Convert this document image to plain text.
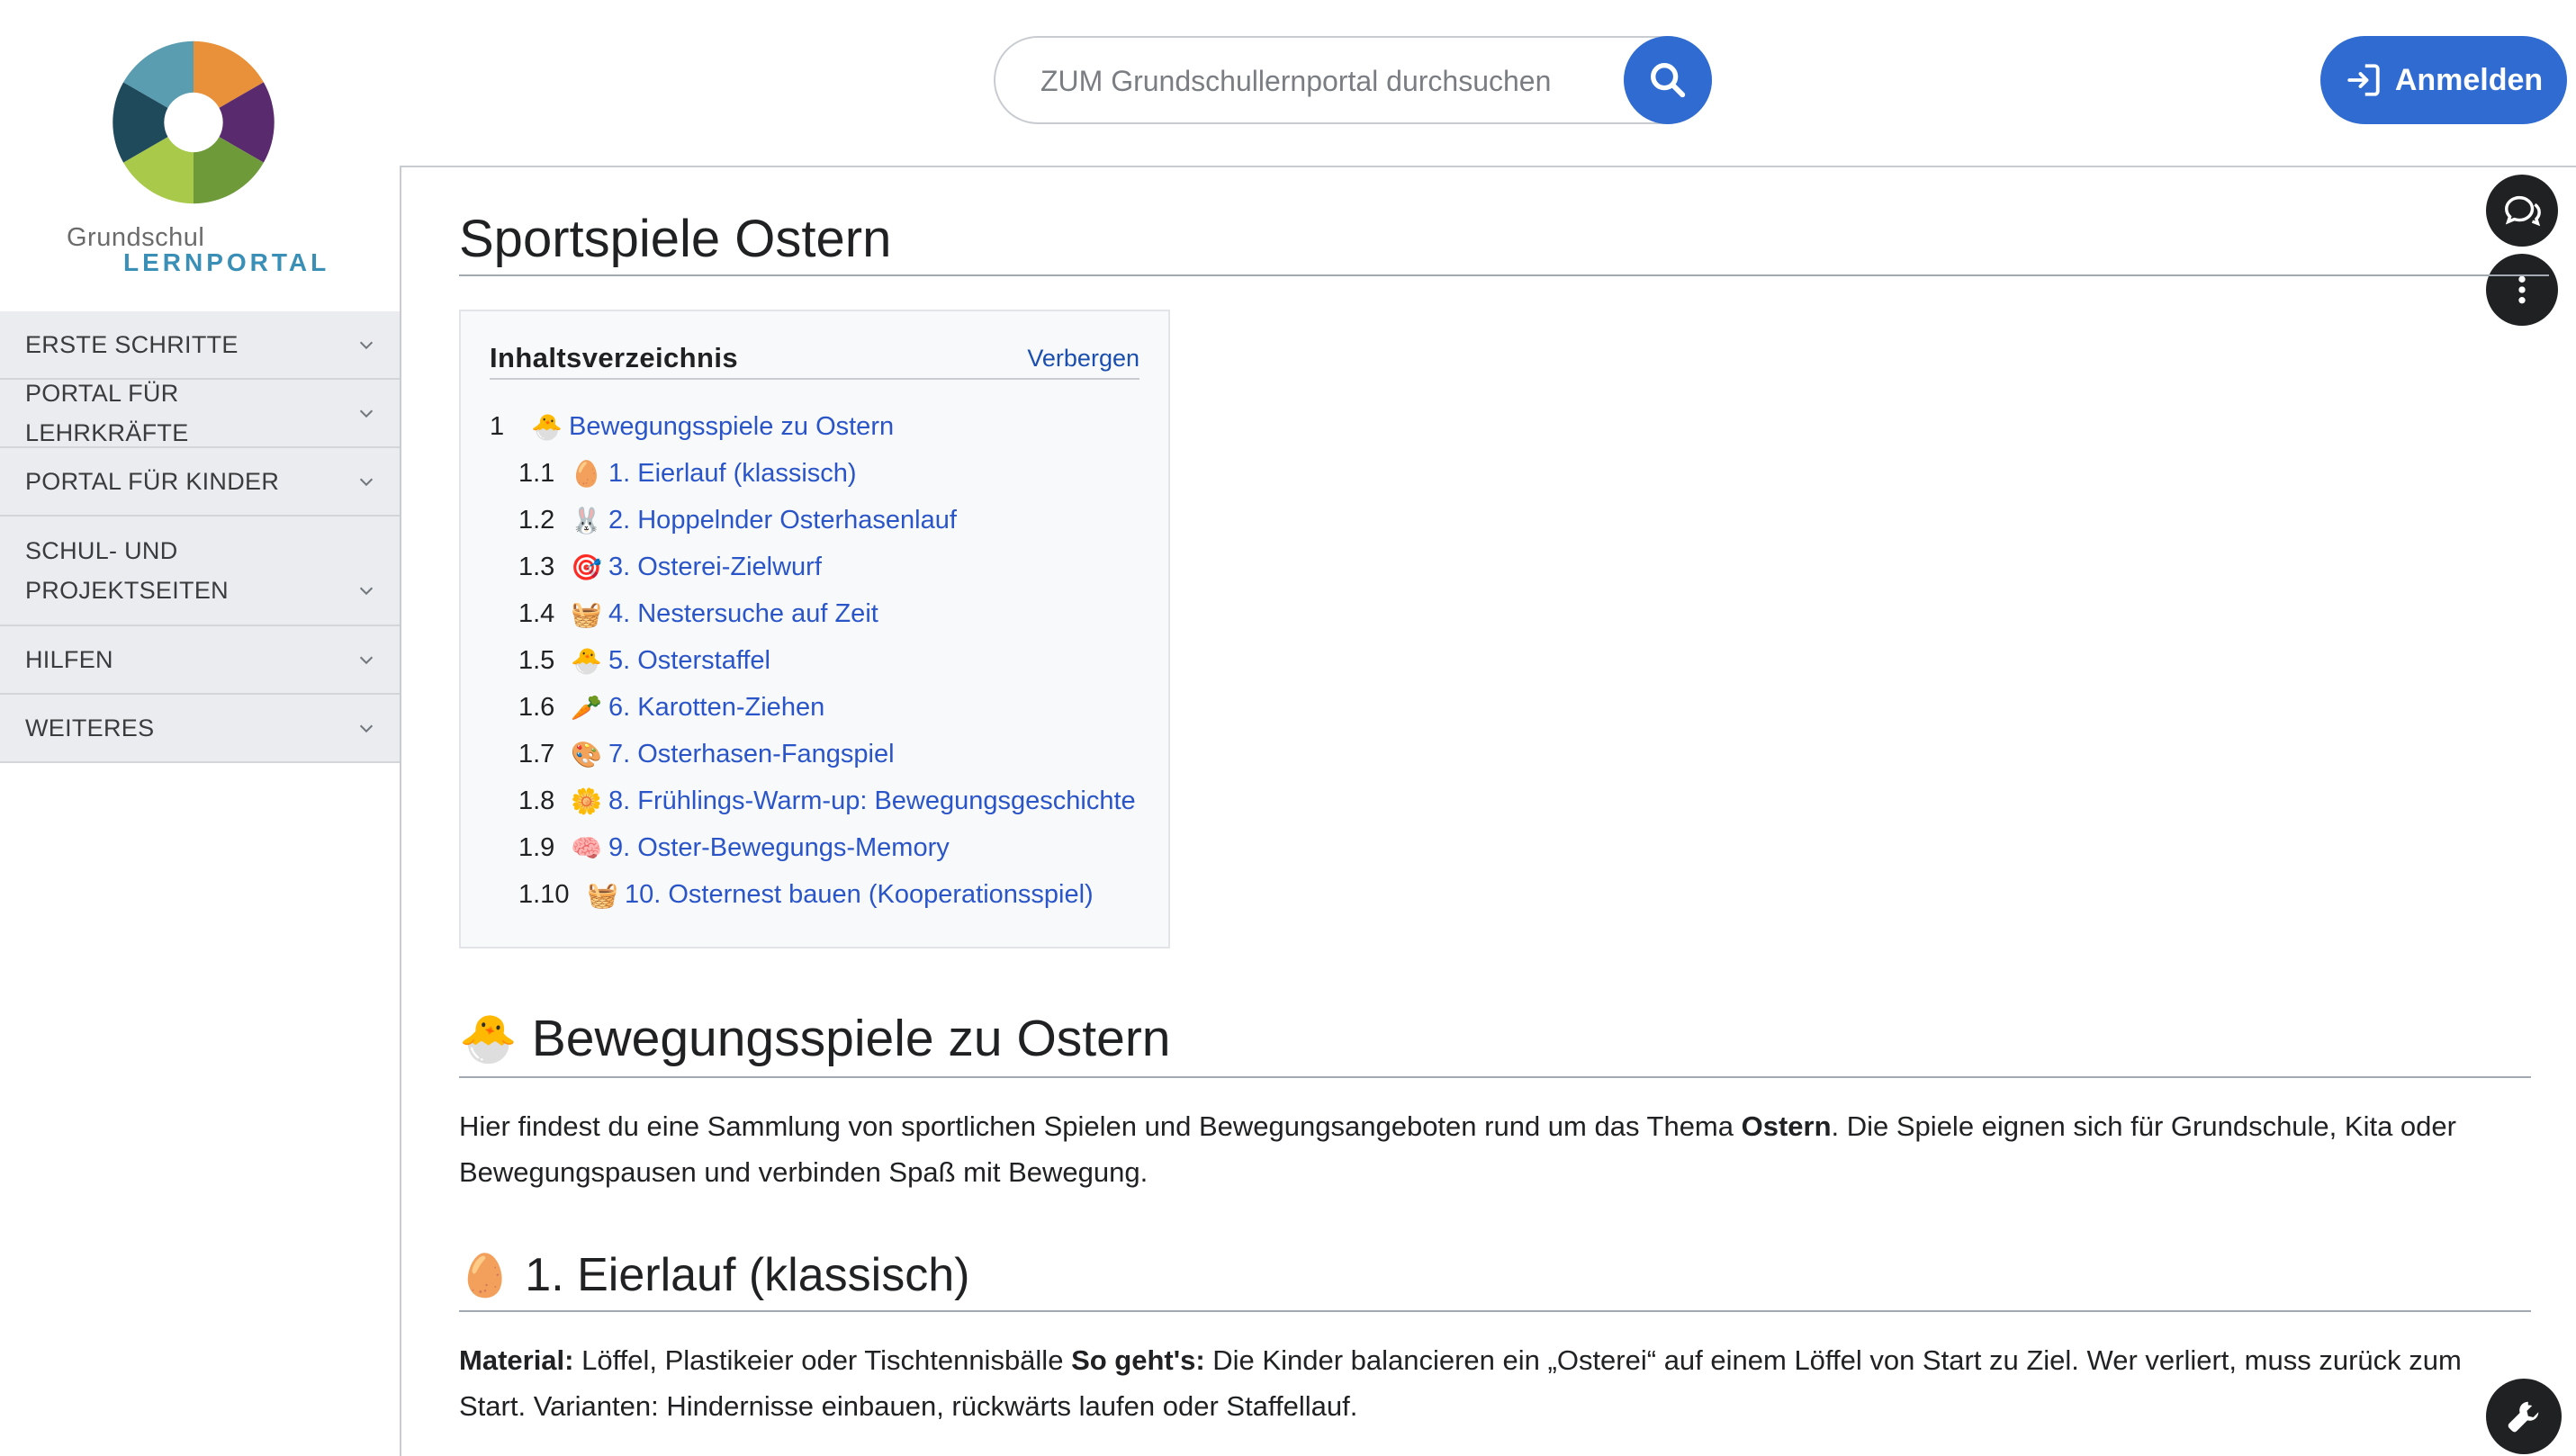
Grundschul
LERNPORTAL
ERSTE SCHRITTE
PORTAL FÜR LEHRKRÄFTE
PORTAL FÜR KINDER
SCHUL- UND PROJEKTSEITEN
HILFEN
WEITERES
ZUM Grundschullernportal durchsuchen
Anmelden
Sportspiele Ostern
Inhaltsverzeichnis	Verbergen
1	🐣 Bewegungsspiele zu Ostern
1.1 🥚 1. Eierlauf (klassisch)
1.2 🐰 2. Hoppelnder Osterhasenlauf
1.3 🎯 3. Osterei-Zielwurf
1.4 🧺 4. Nestersuche auf Zeit
1.5 🐣 5. Osterstaffel
1.6 🥕 6. Karotten-Ziehen
1.7 🎨 7. Osterhasen-Fangspiel
1.8 🌼 8. Frühlings-Warm-up: Bewegungsgeschichte
1.9 🧠 9. Oster-Bewegungs-Memory
1.10 🧺 10. Osternest bauen (Kooperationsspiel)
🐣 Bewegungsspiele zu Ostern

Hier findest du eine Sammlung von sportlichen Spielen und Bewegungsangeboten rund um das Thema Ostern. Die Spiele eignen sich für Grundschule, Kita oder Bewegungspausen und verbinden Spaß mit Bewegung.

🥚 1. Eierlauf (klassisch)

Material: Löffel, Plastikeier oder Tischtennisbälle So geht's: Die Kinder balancieren ein „Osterei“ auf einem Löffel von Start zu Ziel. Wer verliert, muss zurück zum Start. Varianten: Hindernisse einbauen, rückwärts laufen oder Staffellauf.
